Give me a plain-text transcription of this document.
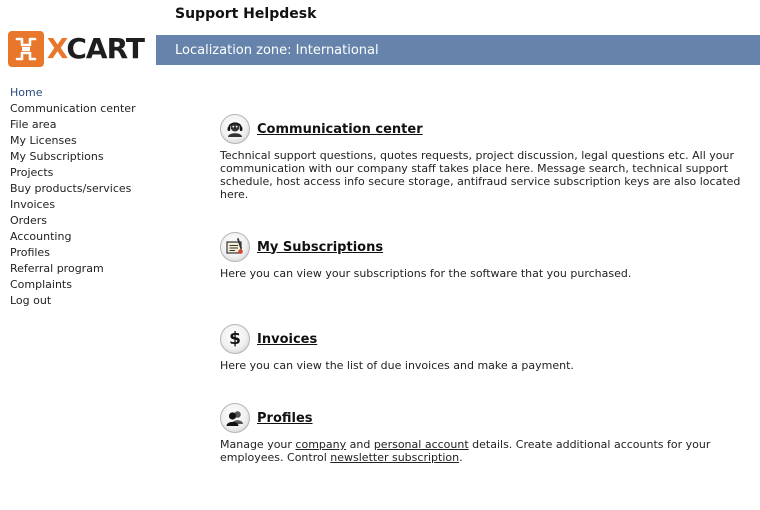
Support Helpdesk
XCART Localization zone: International
Home
Communication center
File area
My Licenses
My Subscriptions
Projects
Buy products/services
Invoices
Orders
Accounting
Profiles
Referral program
Complaints
Log out
Communication center
Technical support questions, quotes requests, project discussion, legal questions etc. All your communication with our company staff takes place here. Message search, technical support schedule, host access info secure storage, antifraud service subscription keys are also located here.
My Subscriptions
Here you can view your subscriptions for the software that you purchased.
$ Invoices
Here you can view the list of due invoices and make a payment.
Profiles
Manage your company and personal account details. Create additional accounts for your employees. Control newsletter subscription.
